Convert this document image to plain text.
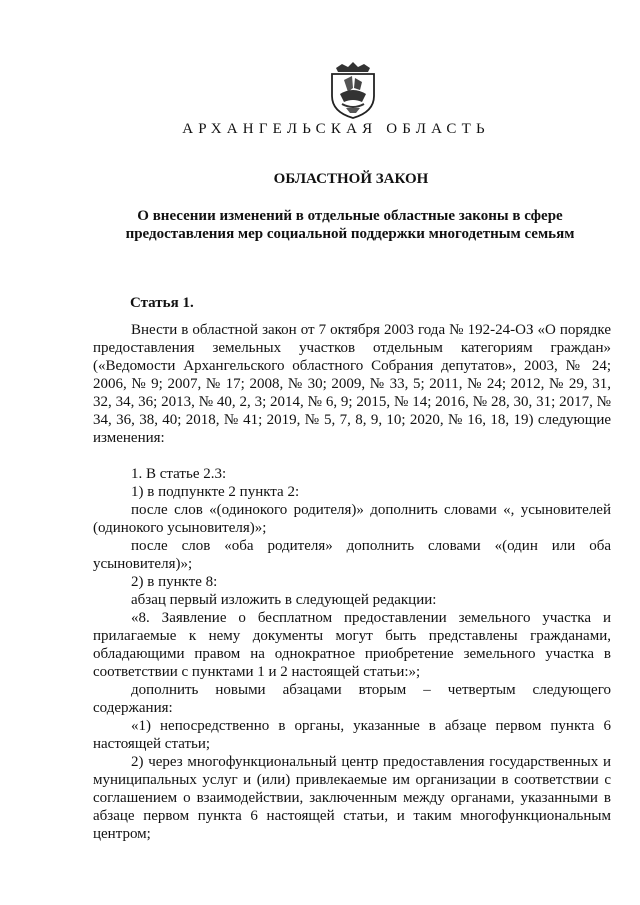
АРХАНГЕЛЬСКАЯ ОБЛАСТЬ
ОБЛАСТНОЙ ЗАКОН
О внесении изменений в отдельные областные законы в сфере предоставления мер социальной поддержки многодетным семьям
Статья 1.

Внести в областной закон от 7 октября 2003 года № 192-24-ОЗ «О порядке предоставления земельных участков отдельным категориям граждан» («Ведомости Архангельского областного Собрания депутатов», 2003, № 24; 2006, № 9; 2007, № 17; 2008, № 30; 2009, № 33, 5; 2011, № 24; 2012, № 29, 31, 32, 34, 36; 2013, № 40, 2, 3; 2014, № 6, 9; 2015, № 14; 2016, № 28, 30, 31; 2017, № 34, 36, 38, 40; 2018, № 41; 2019, № 5, 7, 8, 9, 10; 2020, № 16, 18, 19) следующие изменения:

1. В статье 2.3:

1) в подпункте 2 пункта 2:

после слов «(одинокого родителя)» дополнить словами «, усыновителей (одинокого усыновителя)»;

после слов «оба родителя» дополнить словами «(один или оба усыновителя)»;

2) в пункте 8:

абзац первый изложить в следующей редакции:

«8. Заявление о бесплатном предоставлении земельного участка и прилагаемые к нему документы могут быть представлены гражданами, обладающими правом на однократное приобретение земельного участка в соответствии с пунктами 1 и 2 настоящей статьи:»;

дополнить новыми абзацами вторым – четвертым следующего содержания:

«1) непосредственно в органы, указанные в абзаце первом пункта 6 настоящей статьи;

2) через многофункциональный центр предоставления государственных и муниципальных услуг и (или) привлекаемые им организации в соответствии с соглашением о взаимодействии, заключенным между органами, указанными в абзаце первом пункта 6 настоящей статьи, и таким многофункциональным центром;
